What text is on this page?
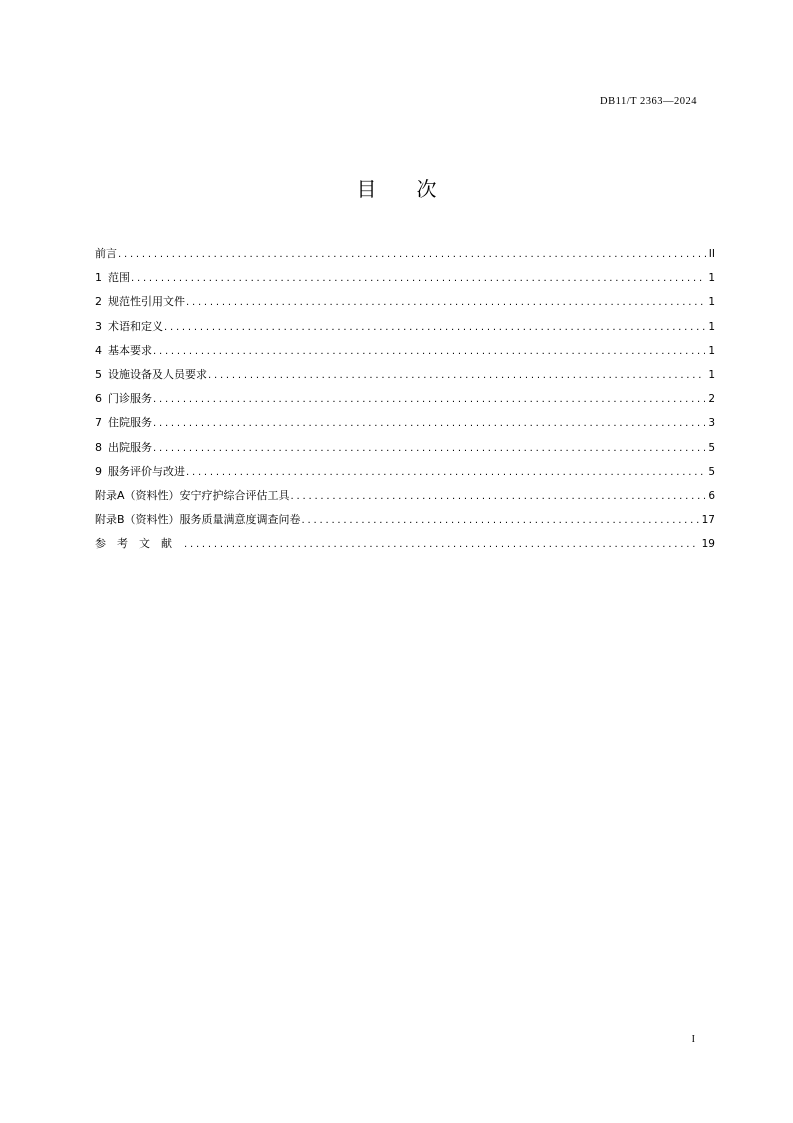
DB11/T 2363—2024
目次
前言 .....	II
1 范围 .....	1
2 规范性引用文件 .....	1
3 术语和定义 .....	1
4 基本要求 .....	1
5 设施设备及人员要求 .....	1
6 门诊服务 .....	2
7 住院服务 .....	3
8 出院服务 .....	5
9 服务评价与改进 .....	5
附录A（资料性）安宁疗护综合评估工具 .....	6
附录B（资料性）服务质量满意度调查问卷 .....	17
参考文献 .....	19
I
